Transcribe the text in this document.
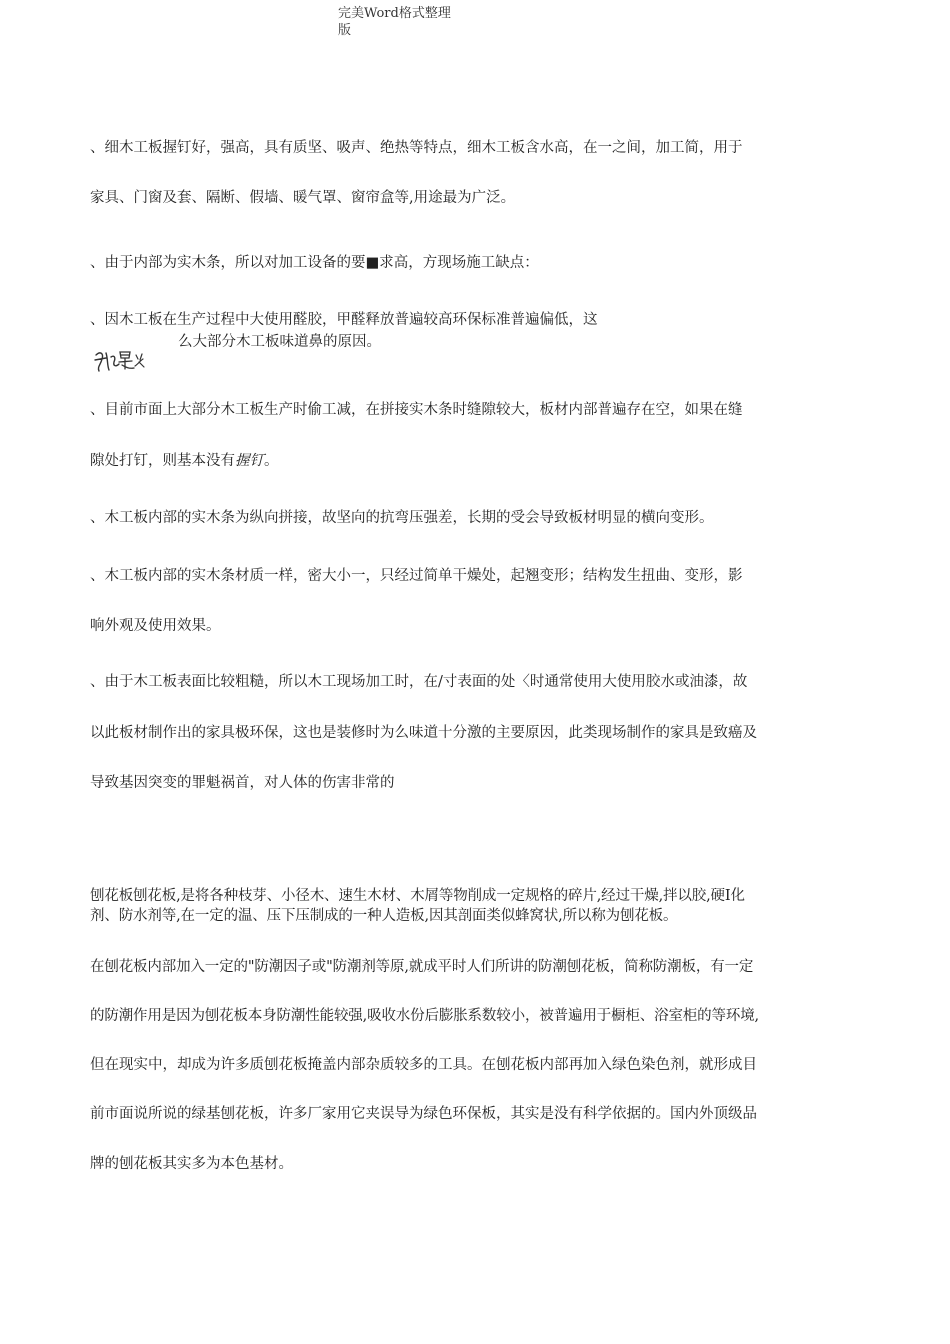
完美Word格式整理
版
、细木工板握钉好，强高，具有质坚、吸声、绝热等特点，细木工板含水高，在一之间，加工简，用于
家具、门窗及套、隔断、假墙、暖气罩、窗帘盒等,用途最为广泛。
、由于内部为实木条，所以对加工设备的要■求高，方现场施工缺点：
、因木工板在生产过程中大使用醛胶，甲醛释放普遍较高环保标准普遍偏低，这
么大部分木工板味道鼻的原因。
、目前市面上大部分木工板生产时偷工减，在拼接实木条时缝隙较大，板材内部普遍存在空，如果在缝
隙处打钉，则基本没有握钉。
、木工板内部的实木条为纵向拼接，故坚向的抗弯压强差，长期的受会导致板材明显的横向变形。
、木工板内部的实木条材质一样，密大小一，只经过简单干燥处，起翘变形；结构发生扭曲、变形，影
响外观及使用效果。
、由于木工板表面比较粗糙，所以木工现场加工时，在/寸表面的处〈时通常使用大使用胶水或油漆，故
以此板材制作出的家具极环保，这也是装修时为么味道十分激的主要原因，此类现场制作的家具是致癌及
导致基因突变的罪魁祸首，对人体的伤害非常的
刨花板刨花板,是将各种枝芽、小径木、速生木材、木屑等物削成一定规格的碎片,经过干燥,拌以胶,硬Ⅰ化
剂、防水剂等,在一定的温、压下压制成的一种人造板,因其剖面类似蜂窝状,所以称为刨花板。
在刨花板内部加入一定的"防潮因子或"防潮剂等原,就成平时人们所讲的防潮刨花板，简称防潮板，有一定
的防潮作用是因为刨花板本身防潮性能较强,吸收水份后膨胀系数较小，被普遍用于橱柜、浴室柜的等环境,
但在现实中，却成为许多质刨花板掩盖内部杂质较多的工具。在刨花板内部再加入绿色染色剂，就形成目
前市面说所说的绿基刨花板，许多厂家用它夹误导为绿色环保板，其实是没有科学依据的。国内外顶级品
牌的刨花板其实多为本色基材。
